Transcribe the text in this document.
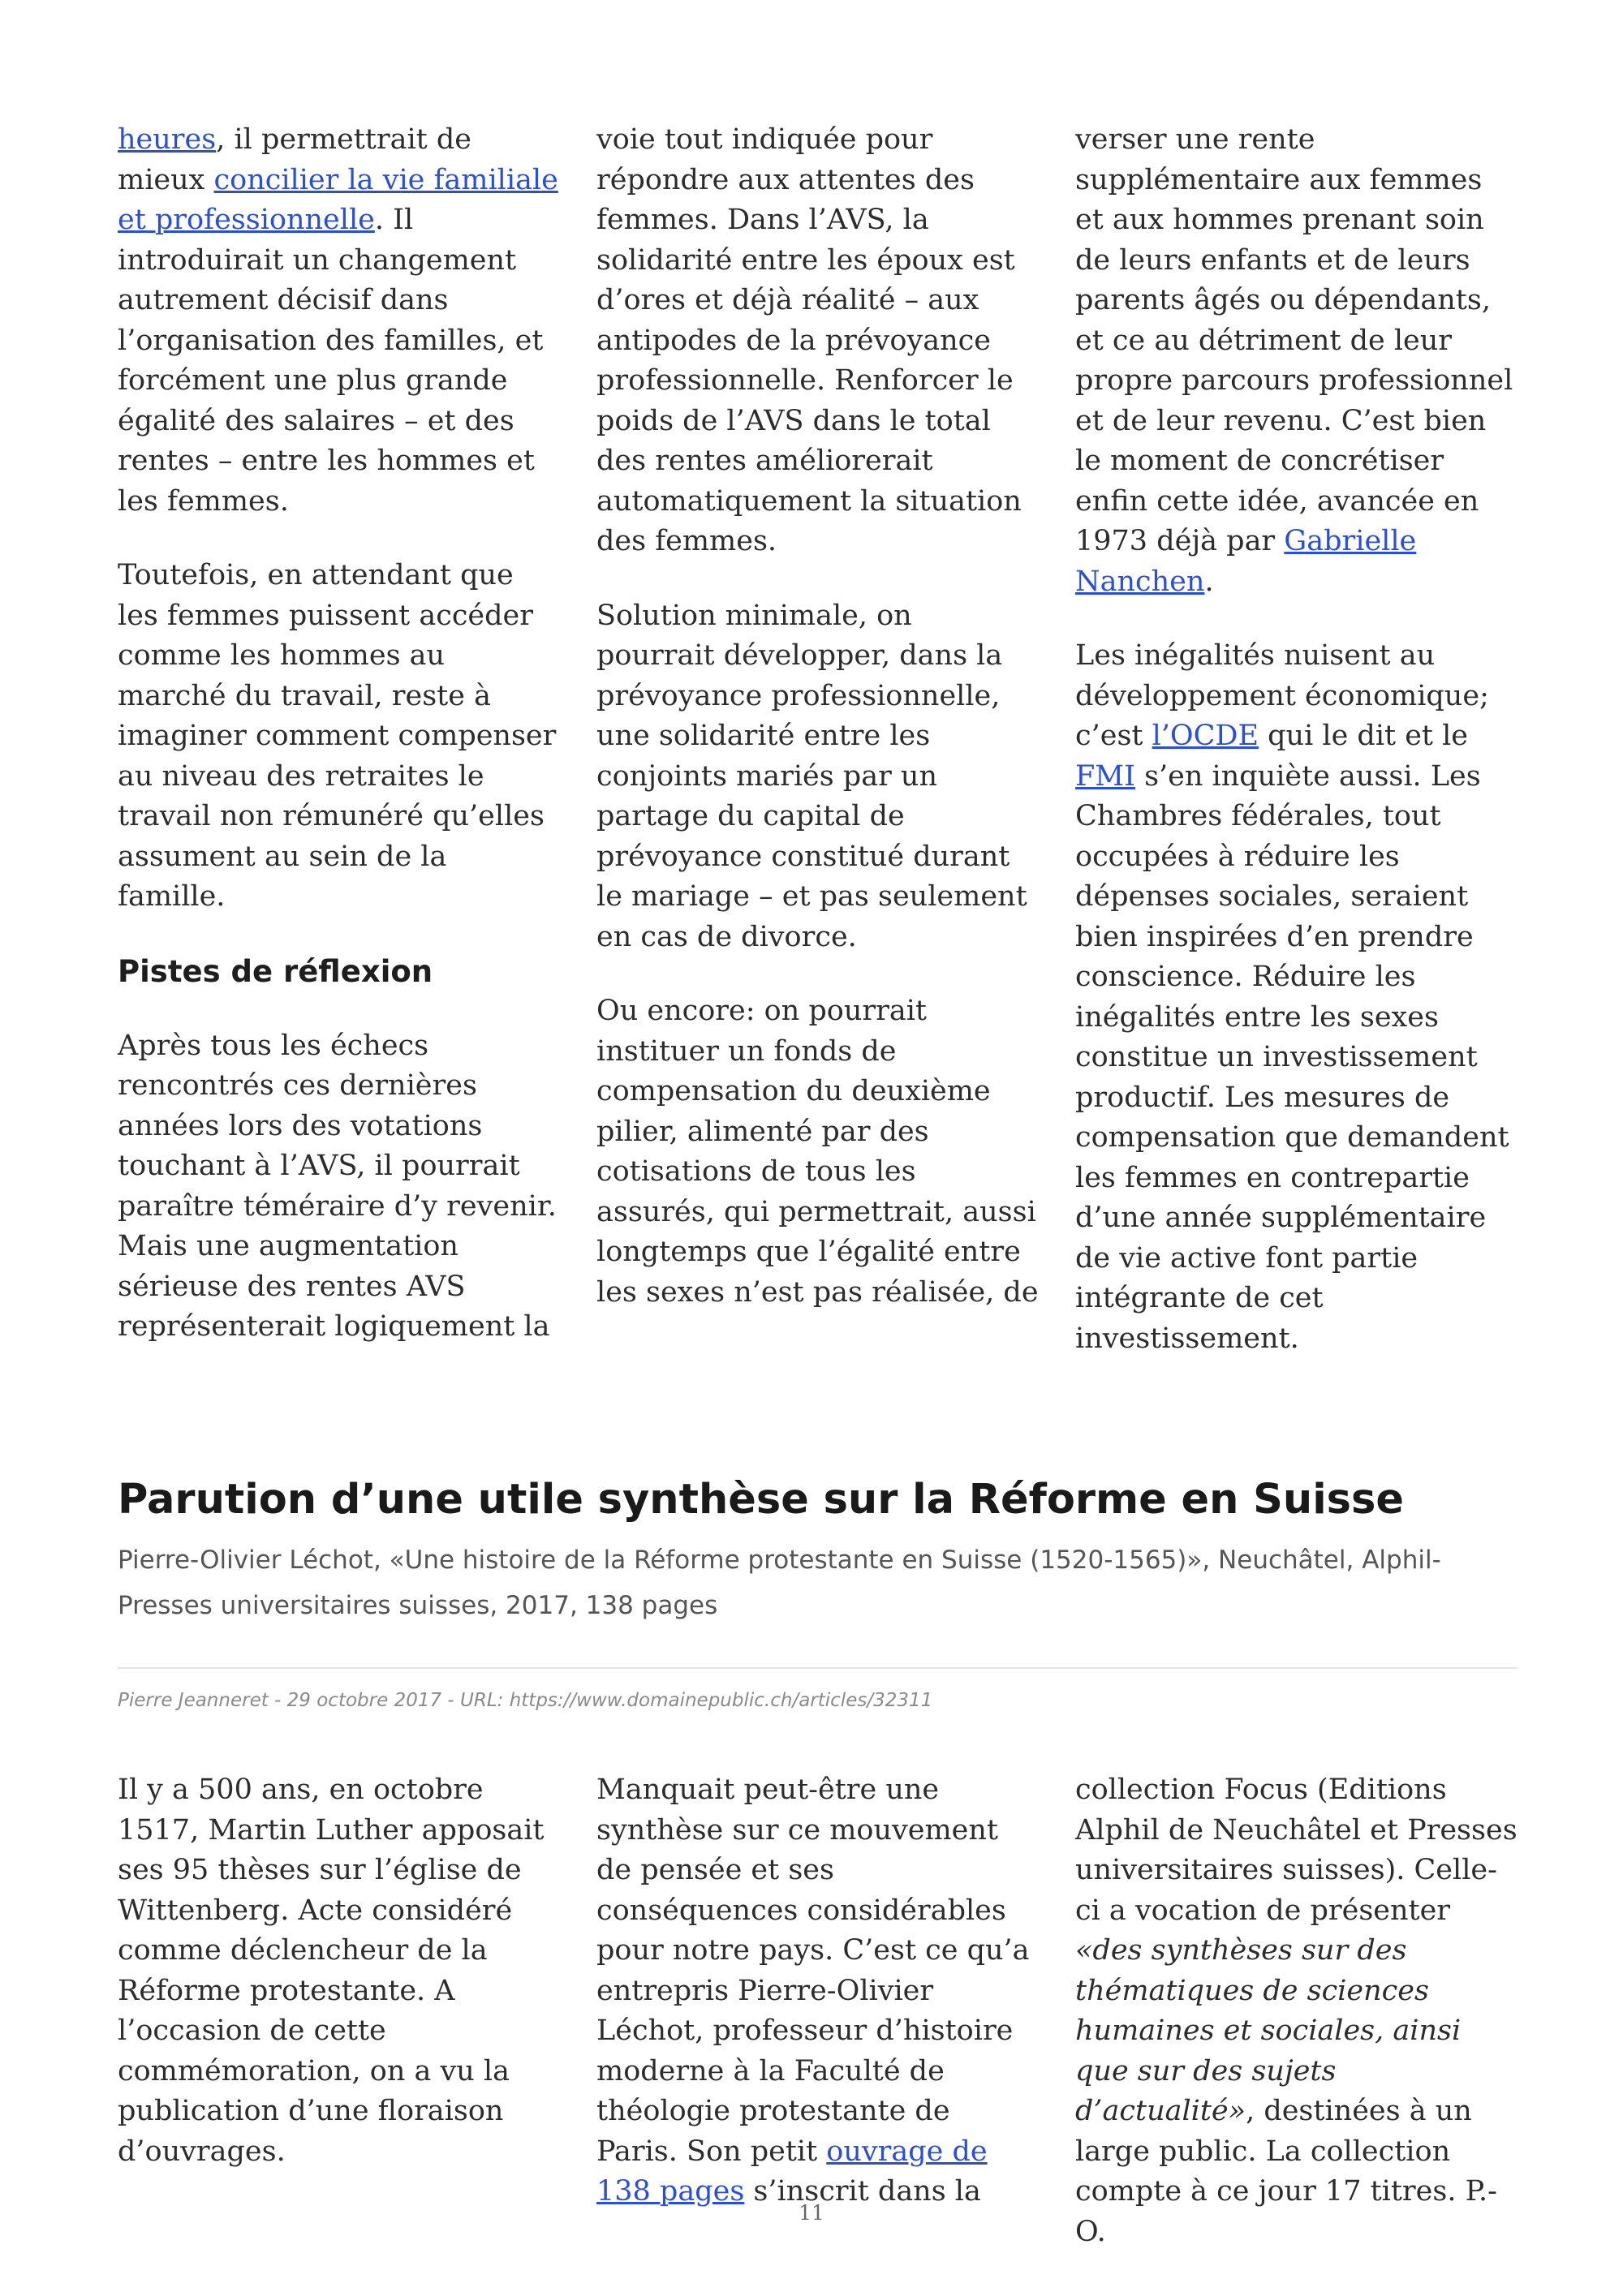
heures, il permettrait de mieux concilier la vie familiale et professionnelle. Il introduirait un changement autrement décisif dans l’organisation des familles, et forcément une plus grande égalité des salaires – et des rentes – entre les hommes et les femmes.

Toutefois, en attendant que les femmes puissent accéder comme les hommes au marché du travail, reste à imaginer comment compenser au niveau des retraites le travail non rémunéré qu’elles assument au sein de la famille.

Pistes de réflexion

Après tous les échecs rencontrés ces dernières années lors des votations touchant à l’AVS, il pourrait paraître téméraire d’y revenir. Mais une augmentation sérieuse des rentes AVS représenterait logiquement la

voie tout indiquée pour répondre aux attentes des femmes. Dans l’AVS, la solidarité entre les époux est d’ores et déjà réalité – aux antipodes de la prévoyance professionnelle. Renforcer le poids de l’AVS dans le total des rentes améliorerait automatiquement la situation des femmes.

Solution minimale, on pourrait développer, dans la prévoyance professionnelle, une solidarité entre les conjoints mariés par un partage du capital de prévoyance constitué durant le mariage – et pas seulement en cas de divorce.

Ou encore: on pourrait instituer un fonds de compensation du deuxième pilier, alimenté par des cotisations de tous les assurés, qui permettrait, aussi longtemps que l’égalité entre les sexes n’est pas réalisée, de

verser une rente supplémentaire aux femmes et aux hommes prenant soin de leurs enfants et de leurs parents âgés ou dépendants, et ce au détriment de leur propre parcours professionnel et de leur revenu. C’est bien le moment de concrétiser enfin cette idée, avancée en 1973 déjà par Gabrielle Nanchen.

Les inégalités nuisent au développement économique; c’est l’OCDE qui le dit et le FMI s’en inquiète aussi. Les Chambres fédérales, tout occupées à réduire les dépenses sociales, seraient bien inspirées d’en prendre conscience. Réduire les inégalités entre les sexes constitue un investissement productif. Les mesures de compensation que demandent les femmes en contrepartie d’une année supplémentaire de vie active font partie intégrante de cet investissement.

Parution d’une utile synthèse sur la Réforme en Suisse

Pierre-Olivier Léchot, «Une histoire de la Réforme protestante en Suisse (1520-1565)», Neuchâtel, Alphil-Presses universitaires suisses, 2017, 138 pages

Pierre Jeanneret - 29 octobre 2017 - URL: https://www.domainepublic.ch/articles/32311

Il y a 500 ans, en octobre 1517, Martin Luther apposait ses 95 thèses sur l’église de Wittenberg. Acte considéré comme déclencheur de la Réforme protestante. A l’occasion de cette commémoration, on a vu la publication d’une floraison d’ouvrages.

Manquait peut-être une synthèse sur ce mouvement de pensée et ses conséquences considérables pour notre pays. C’est ce qu’a entrepris Pierre-Olivier Léchot, professeur d’histoire moderne à la Faculté de théologie protestante de Paris. Son petit ouvrage de 138 pages s’inscrit dans la

collection Focus (Editions Alphil de Neuchâtel et Presses universitaires suisses). Celle-ci a vocation de présenter «des synthèses sur des thématiques de sciences humaines et sociales, ainsi que sur des sujets d’actualité», destinées à un large public. La collection compte à ce jour 17 titres. P.-O.

11
